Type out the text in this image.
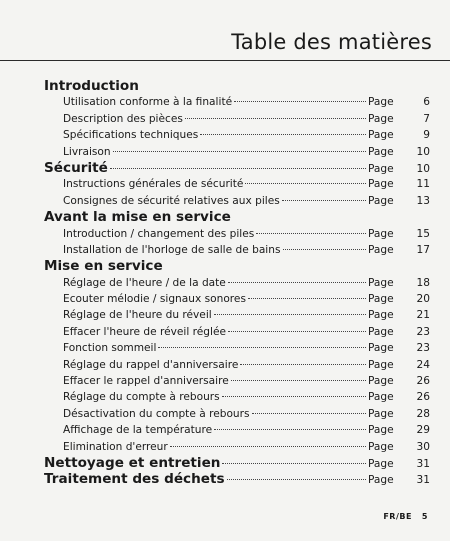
Table des matières
Introduction
Utilisation conforme à la finalité	Page	6
Description des pièces	Page	7
Spécifications techniques	Page	9
Livraison	Page	10
Sécurité	Page	10
Instructions générales de sécurité	Page	11
Consignes de sécurité relatives aux piles	Page	13
Avant la mise en service
Introduction / changement des piles	Page	15
Installation de l'horloge de salle de bains	Page	17
Mise en service
Réglage de l'heure / de la date	Page	18
Ecouter mélodie / signaux sonores	Page	20
Réglage de l'heure du réveil	Page	21
Effacer l'heure de réveil réglée	Page	23
Fonction sommeil	Page	23
Réglage du rappel d'anniversaire	Page	24
Effacer le rappel d'anniversaire	Page	26
Réglage du compte à rebours	Page	26
Désactivation du compte à rebours	Page	28
Affichage de la température	Page	29
Elimination d'erreur	Page	30
Nettoyage et entretien	Page	31
Traitement des déchets	Page	31
FR/BE 5
